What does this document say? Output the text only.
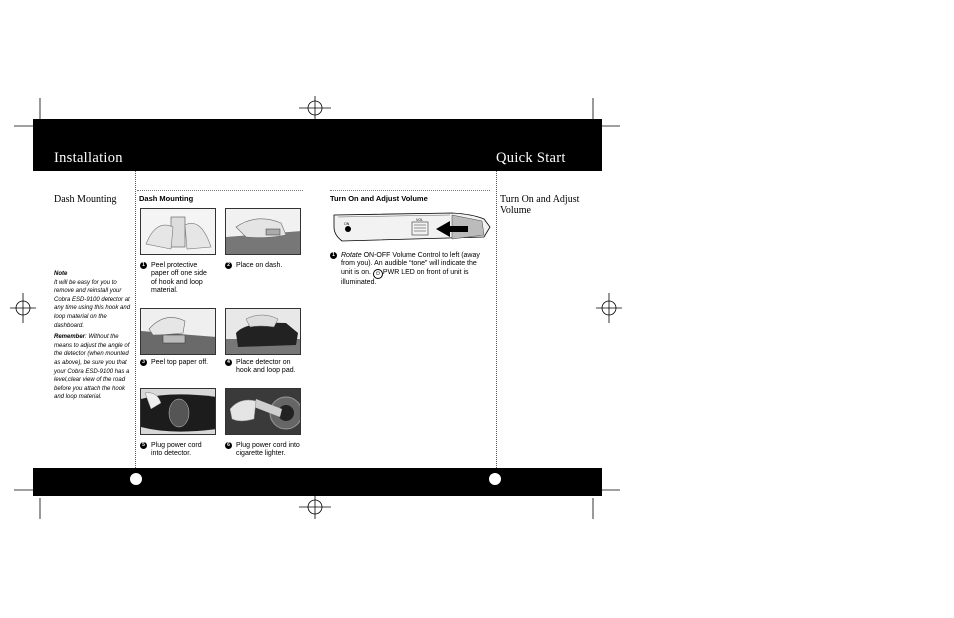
Installation	Quick Start
Dash Mounting
Note
It will be easy for you to remove and reinstall your Cobra ESD-9100 detector at any time using this hook and loop material on the dashboard.
Remember: Without the means to adjust the angle of the detector (when mounted as above), be sure you that your Cobra ESD-9100 has a level,clear view of the road before you attach the hook and loop material.
Dash Mounting
1 Peel protective paper off one side of hook and loop material.
2 Place on dash.
3 Peel top paper off.	4 Place detector on hook and loop pad.
5 Plug power cord into detector.
6 Plug power cord into cigarette lighter.
Turn On and Adjust Volume
ON
VOL
1 Rotate ON-OFF Volume Control to left (away from you). An audible “tone” will indicate the unit is on. ⏻ PWR LED on front of unit is illuminated.
Turn On and Adjust Volume
